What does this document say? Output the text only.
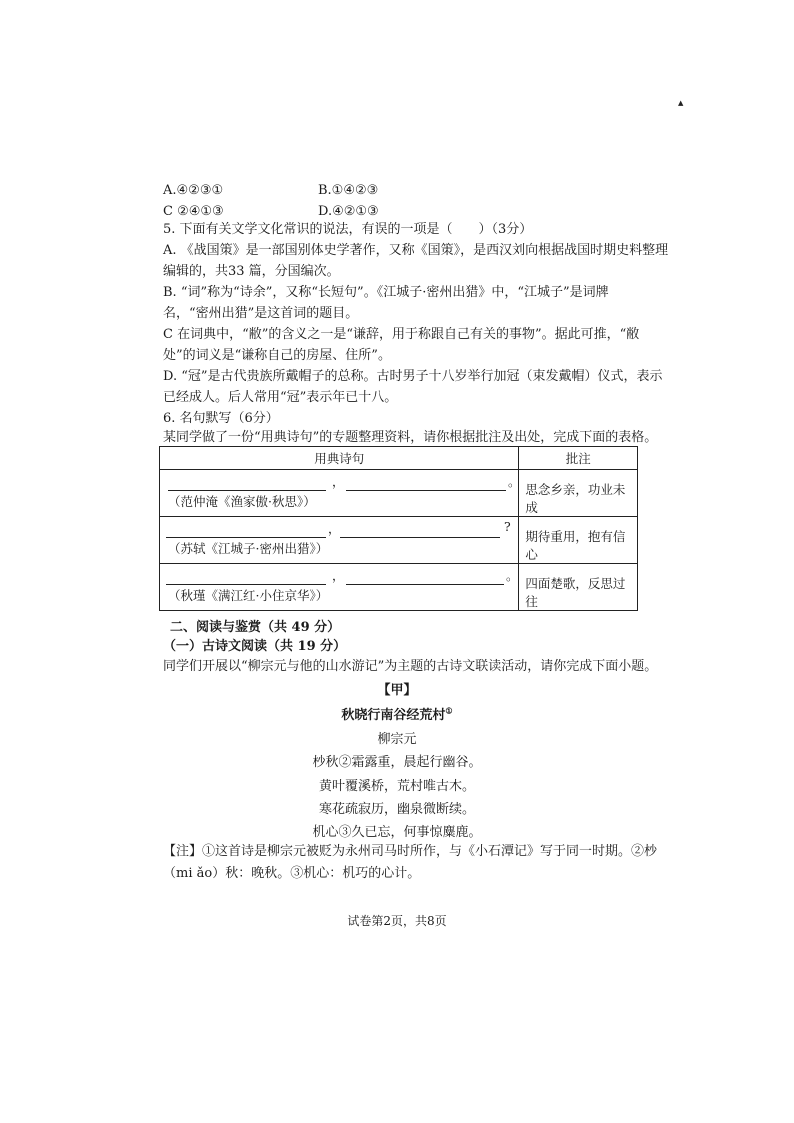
▲
A.④②③①	B.①④②③
C ②④①③	D.④②①③
5. 下面有关文学文化常识的说法，有误的一项是（　　）（3分）
A. 《战国策》是一部国别体史学著作，又称《国策》，是西汉刘向根据战国时期史料整理
编辑的，共33 篇，分国编次。
B. “词”称为“诗余”，又称“长短句”。《江城子·密州出猎》中，“江城子”是词牌
名，“密州出猎”是这首词的题目。
C 在词典中，“敝”的含义之一是“谦辞，用于称跟自己有关的事物”。据此可推，“敝
处”的词义是“谦称自己的房屋、住所”。
D. “冠”是古代贵族所戴帽子的总称。古时男子十八岁举行加冠（束发戴帽）仪式，表示
已经成人。后人常用“冠”表示年已十八。
6. 名句默写（6分）
某同学做了一份“用典诗句”的专题整理资料，请你根据批注及出处，完成下面的表格。
用典诗句	批注

， 。
（范仲淹《渔家傲·秋思》）	思念乡亲，功业未成

， ?
（苏轼《江城子·密州出猎》）	期待重用，抱有信心

， 。
（秋瑾《满江红·小住京华》）	四面楚歌，反思过往
二、阅读与鉴赏（共 49 分）
（一）古诗文阅读（共 19 分）
同学们开展以“柳宗元与他的山水游记”为主题的古诗文联读活动，请你完成下面小题。
【甲】
秋晓行南谷经荒村①
柳宗元
杪秋②霜露重，晨起行幽谷。
黄叶覆溪桥，荒村唯古木。
寒花疏寂历，幽泉微断续。
机心③久已忘，何事惊麋鹿。
【注】①这首诗是柳宗元被贬为永州司马时所作，与《小石潭记》写于同一时期。②杪
（mi ǎo）秋：晚秋。③机心：机巧的心计。
试卷第2页，共8页
